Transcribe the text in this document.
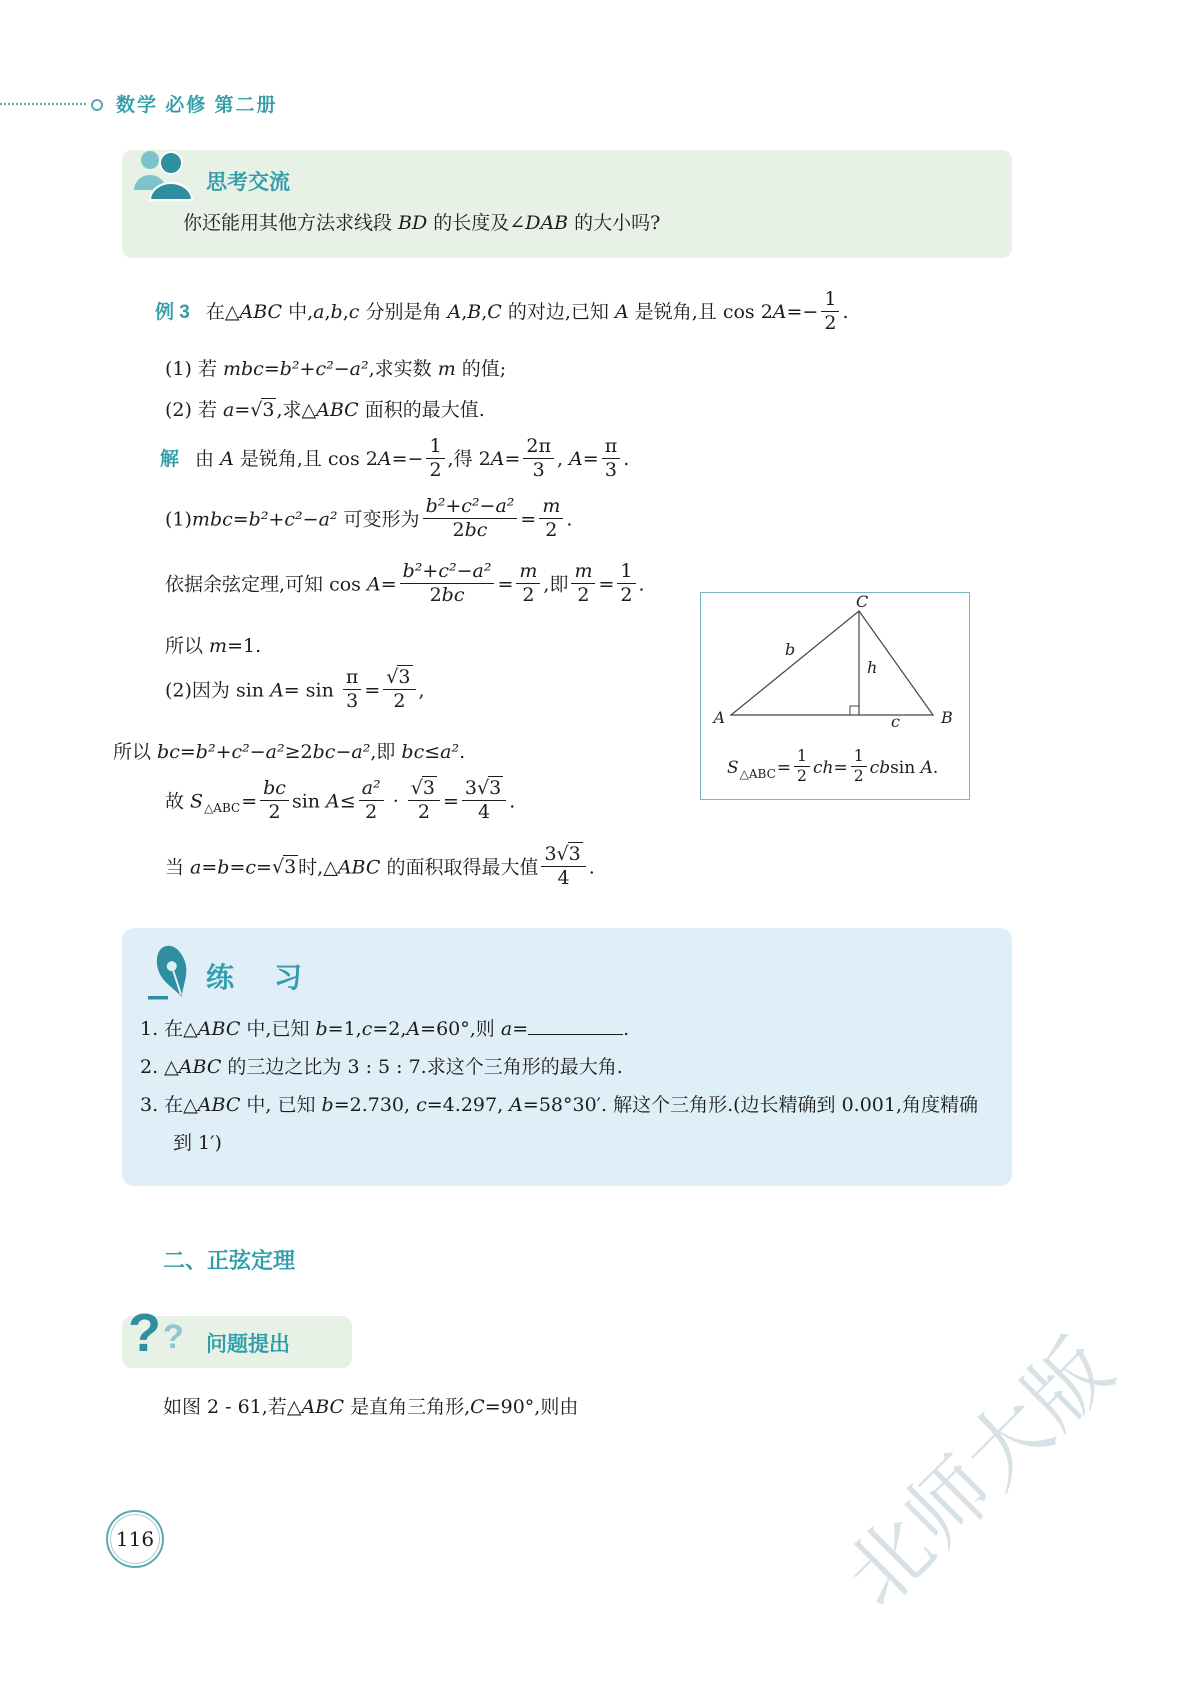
数学 必修 第二册
思考交流
你还能用其他方法求线段 BD 的长度及∠DAB 的大小吗?
例 3 在△ABC 中,a,b,c 分别是角 A,B,C 的对边,已知 A 是锐角,且 $\cos 2A=- \frac{1}{2}$ .
(1) 若 mbc=b²+c²−a²,求实数 m 的值;
(2) 若 a=√3 ,求△ABC 面积的最大值.
解 由 A 是锐角,且 $\cos 2A=- \frac{1}{2}$ ,得 $2A= \frac{2\pi}{3}$ , $A= \frac{\pi}{3}$ .
(1)mbc=b²+c²−a² 可变形为 $\frac{\text{b²+c²−a²}}{2bc} = \frac{m}{2}$ .
依据余弦定理,可知 $\cos A= \frac{\text{b²+c²−a²}}{2bc} = \frac{m}{2}$ ,即 $\frac{m}{2} = \frac{1}{2}$ .
所以 m=1.
(2)因为 $\sin A= \sin \frac{\pi}{3} = \frac{√3}{2}$ ,
所以 bc=b²+c²−a²≥2bc−a²,即 bc≤a².
故 $S_{\triangle ABC}= \frac{bc}{2}$ $\sin A\le \frac{\text{a²}}{2} \cdot \frac{√3}{2} = \frac{3√3}{4}$ .
当 a=b=c=√3 时,△ABC 的面积取得最大值 $\frac{3√3}{4}$ .
A	B
C
b
h
c
$S_{\triangle ABC}= \frac{1}{2} ch= \frac{1}{2}$ cbsin A.
练　习
1. 在△ABC 中,已知 b=1,c=2,A=60°,则 a=	.
2. △ABC 的三边之比为 3 : 5 : 7.求这个三角形的最大角.
3. 在△ABC 中, 已知 b=2.730, c=4.297, A=58°30′. 解这个三角形.(边长精确到 0.001,角度精确到 1′)
二、正弦定理
? ? 问题提出
如图 2 - 61,若△ABC 是直角三角形,C=90°,则由
116	北师大版
